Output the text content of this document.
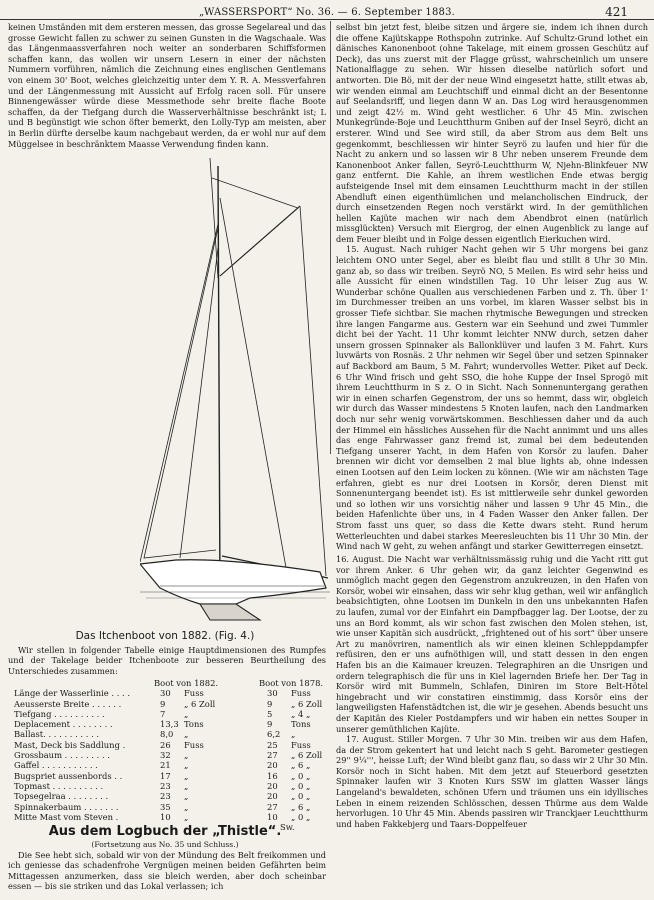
„WASSERSPORT“ No. 36. — 6. September 1883.	421

keinen Umständen mit dem ersteren messen, das grosse Segelareal und das grosse Gewicht fallen zu schwer zu seinen Gunsten in die Wagschaale. Was das Längenmaassverfahren noch weiter an sonderbaren Schiffsformen schaffen kann, das wollen wir unsern Lesern in einer der nächsten Nummern vorführen, nämlich die Zeichnung eines englischen Gentlemans von einem 30' Boot, welches gleichzeitig unter dem Y. R. A. Messverfahren und der Längenmessung mit Aussicht auf Erfolg racen soll. Für unsere Binnengewässer würde diese Messmethode sehr breite flache Boote schaffen, da der Tiefgang durch die Wasserverhältnisse beschränkt ist; L und B begünstigt wie schon öfter bemerkt, den Lolly-Typ am meisten, aber in Berlin dürfte derselbe kaum nachgebaut werden, da er wohl nur auf dem Müggelsee in beschränktem Maasse Verwendung finden kann.

Das Itchenboot von 1882. (Fig. 4.)
Wir stellen in folgender Tabelle einige Hauptdimensionen des Rumpfes und der Takelage beider Itchenboote zur besseren Beurtheilung des Unterschiedes zusammen:
Boot von 1882.	Boot von 1878.
Länge der Wasserlinie . . . .	30 Fuss	30 Fuss
Aeusserste Breite . . . . . .	9 „ 6 Zoll	9 „ 6 Zoll
Tiefgang . . . . . . . . . .	7 „	5 „ 4 „
Deplacement . . . . . . . .	13,3 Tons	9 Tons
Ballast. . . . . . . . . . .	8,0 „	6,2 „
Mast, Deck bis Saddlung .	26 Fuss	25 Fuss
Grossbaum . . . . . . . . .	32 „	27 „ 6 Zoll
Gaffel . . . . . . . . . . .	21 „	20 „ 6 „
Bugspriet aussenbords . .	17 „	16 „ 0 „
Topmast . . . . . . . . . .	23 „	20 „ 0 „
Topsegelraa . . . . . . . .	23 „	20 „ 0 „
Spinnakerbaum . . . . . . .	35 „	27 „ 6 „
Mitte Mast vom Steven .	10 „	10 „ 0 „
Sw.
Aus dem Logbuch der „Thistle“.
(Fortsetzung aus No. 35 und Schluss.)
Die See hebt sich, sobald wir von der Mündung des Belt freikommen und ich geniesse das schadenfrohe Vergnügen meinen beiden Gefährten beim Mittagessen anzumerken, dass sie bleich werden, aber doch scheinbar essen — bis sie striken und das Lokal verlassen; ich

selbst bin jetzt fest, bleibe sitzen und ärgere sie, indem ich ihnen durch die offene Kajütskappe Rothspohn zutrinke. Auf Schultz-Grund lothet ein dänisches Kanonenboot (ohne Takelage, mit einem grossen Geschütz auf Deck), das uns zuerst mit der Flagge grüsst, wahrscheinlich um unsere Nationalflagge zu sehen. Wir hissen dieselbe natürlich sofort und antworten. Die Bö, mit der der neue Wind eingesetzt hatte, stillt etwas ab, wir wenden einmal am Leuchtschiff und einmal dicht an der Besentonne auf Seelandsriff, und liegen dann W an. Das Log wird herausgenommen und zeigt 42½ m. Wind geht westlicher. 6 Uhr 45 Min. zwischen Munkegründe-Boje und Leuchtthurm Gniben auf der Insel Seyrö, dicht an ersterer. Wind und See wird still, da aber Strom aus dem Belt uns gegenkommt, beschliessen wir hinter Seyrö zu laufen und hier für die Nacht zu ankern und so lassen wir 8 Uhr neben unserem Freunde dem Kanonenboot Anker fallen, Seyrö-Leuchtthurm W, Njehn-Blinkfeuer NW ganz entfernt. Die Kahle, an ihrem westlichen Ende etwas bergig aufsteigende Insel mit dem einsamen Leuchtthurm macht in der stillen Abendluft einen eigenthümlichen und melancholischen Eindruck, der durch einsetzenden Regen noch verstärkt wird. In der gemüthlichen hellen Kajüte machen wir nach dem Abendbrot einen (natürlich missglückten) Versuch mit Eiergrog, der einen Augenblick zu lange auf dem Feuer bleibt und in Folge dessen eigentlich Eierkuchen wird.

15. August. Nach ruhiger Nacht gehen wir 5 Uhr morgens bei ganz leichtem ONO unter Segel, aber es bleibt flau und stillt 8 Uhr 30 Min. ganz ab, so dass wir treiben. Seyrö NO, 5 Meilen. Es wird sehr heiss und alle Aussicht für einen windstillen Tag. 10 Uhr leiser Zug aus W. Wunderbar schöne Quallen aus verschiedenen Farben und z. Th. über 1' im Durchmesser treiben an uns vorbei, im klaren Wasser selbst bis in grosser Tiefe sichtbar. Sie machen rhytmische Bewegungen und strecken ihre langen Fangarme aus. Gestern war ein Seehund und zwei Tummler dicht bei der Yacht. 11 Uhr kommt leichter NNW durch, setzen daher unsern grossen Spinnaker als Ballonklüver und laufen 3 M. Fahrt. Kurs luvwärts von Rosnäs. 2 Uhr nehmen wir Segel über und setzen Spinnaker auf Backbord am Baum, 5 M. Fahrt; wundervolles Wetter. Piket auf Deck. 6 Uhr Wind frisch und geht SSO, die hohe Kuppe der Insel Sprogö mit ihrem Leuchtthurm in S z. O in Sicht. Nach Sonnenuntergang gerathen wir in einen scharfen Gegenstrom, der uns so hemmt, dass wir, obgleich wir durch das Wasser mindestens 5 Knoten laufen, nach den Landmarken doch nur sehr wenig vorwärtskommen. Beschliessen daher und da auch der Himmel ein hässliches Aussehen für die Nacht annimmt und uns alles das enge Fahrwasser ganz fremd ist, zumal bei dem bedeutenden Tiefgang unserer Yacht, in dem Hafen von Korsör zu laufen. Daher brennen wir dicht vor demselben 2 mal blue lights ab, ohne indessen einen Lootsen auf den Leim locken zu können. (Wie wir am nächsten Tage erfahren, giebt es nur drei Lootsen in Korsör, deren Dienst mit Sonnenuntergang beendet ist). Es ist mittlerweile sehr dunkel geworden und so lothen wir uns vorsichtig näher und lassen 9 Uhr 45 Min., die beiden Hafenlichte über uns, in 4 Faden Wasser den Anker fallen. Der Strom fasst uns quer, so dass die Kette dwars steht. Rund herum Wetterleuchten und dabei starkes Meeresleuchten bis 11 Uhr 30 Min. der Wind nach W geht, zu wehen anfängt und starker Gewitterregen einsetzt.

16. August. Die Nacht war verhältnissmässig ruhig und die Yacht ritt gut vor ihrem Anker. 6 Uhr gehen wir, da ganz leichter Gegenwind es unmöglich macht gegen den Gegenstrom anzukreuzen, in den Hafen von Korsör, wobei wir einsahen, dass wir sehr klug gethan, weil wir anfänglich beabsichtigten, ohne Lootsen im Dunkeln in den uns unbekannten Hafen zu laufen, zumal vor der Einfahrt ein Dampfbagger lag. Der Lootse, der zu uns an Bord kommt, als wir schon fast zwischen den Molen stehen, ist, wie unser Kapitän sich ausdrückt, „frightened out of his sort“ über unsere Art zu manövriren, namentlich als wir einen kleinen Schleppdampfer refüsiren, den er uns aufnöthigen will, und statt dessen in den engen Hafen bis an die Kaimauer kreuzen. Telegraphiren an die Unsrigen und ordern telegraphisch die für uns in Kiel lagernden Briefe her. Der Tag in Korsör wird mit Bummeln, Schlafen, Diniren im Store Belt-Hötel hingebracht und wir constatiren einstimmig, dass Korsör eins der langweiligsten Hafenstädtchen ist, die wir je gesehen. Abends besucht uns der Kapitän des Kieler Postdampfers und wir haben ein nettes Souper in unserer gemüthlichen Kajüte.

17. August. Stiller Morgen. 7 Uhr 30 Min. treiben wir aus dem Hafen, da der Strom gekentert hat und leicht nach S geht. Barometer gestiegen 29'' 9¼''', heisse Luft; der Wind bleibt ganz flau, so dass wir 2 Uhr 30 Min. Korsör noch in Sicht haben. Mit dem jetzt auf Steuerbord gesetzten Spinnaker laufen wir 3 Knoten Kurs SSW im glatten Wasser längs Langeland's bewaldeten, schönen Ufern und träumen uns ein idyllisches Leben in einem reizenden Schlösschen, dessen Thürme aus dem Walde hervorlugen. 10 Uhr 45 Min. Abends passiren wir Tranckjaer Leuchtthurm und haben Fakkebjerg und Taars-Doppelfeuer
